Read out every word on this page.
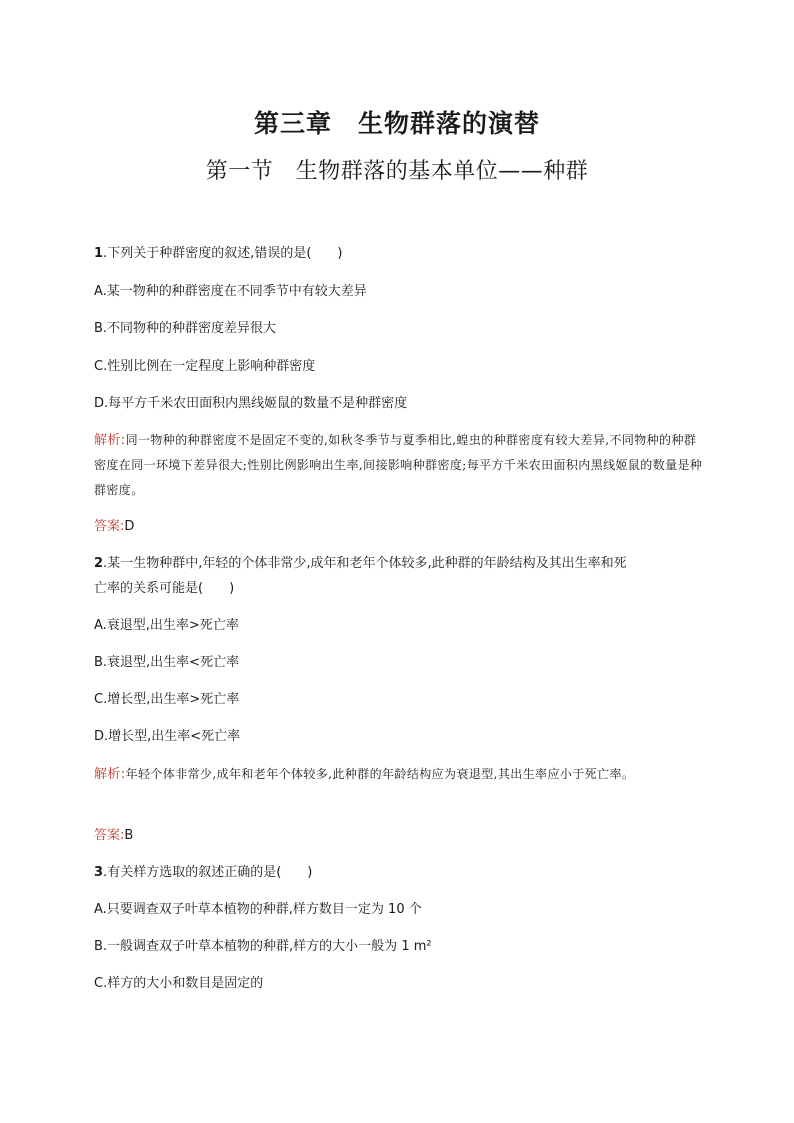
第三章　生物群落的演替
第一节　生物群落的基本单位——种群
1.下列关于种群密度的叙述,错误的是(　　)
A.某一物种的种群密度在不同季节中有较大差异
B.不同物种的种群密度差异很大
C.性别比例在一定程度上影响种群密度
D.每平方千米农田面积内黑线姬鼠的数量不是种群密度
解析:同一物种的种群密度不是固定不变的,如秋冬季节与夏季相比,蝗虫的种群密度有较大差异,不同物种的种群密度在同一环境下差异很大;性别比例影响出生率,间接影响种群密度;每平方千米农田面积内黑线姬鼠的数量是种群密度。
答案:D
2.某一生物种群中,年轻的个体非常少,成年和老年个体较多,此种群的年龄结构及其出生率和死
亡率的关系可能是(　　)
A.衰退型,出生率>死亡率
B.衰退型,出生率<死亡率
C.增长型,出生率>死亡率
D.增长型,出生率<死亡率
解析:年轻个体非常少,成年和老年个体较多,此种群的年龄结构应为衰退型,其出生率应小于死亡率。
答案:B
3.有关样方选取的叙述正确的是(　　)
A.只要调查双子叶草本植物的种群,样方数目一定为 10 个
B.一般调查双子叶草本植物的种群,样方的大小一般为 1 m²
C.样方的大小和数目是固定的
